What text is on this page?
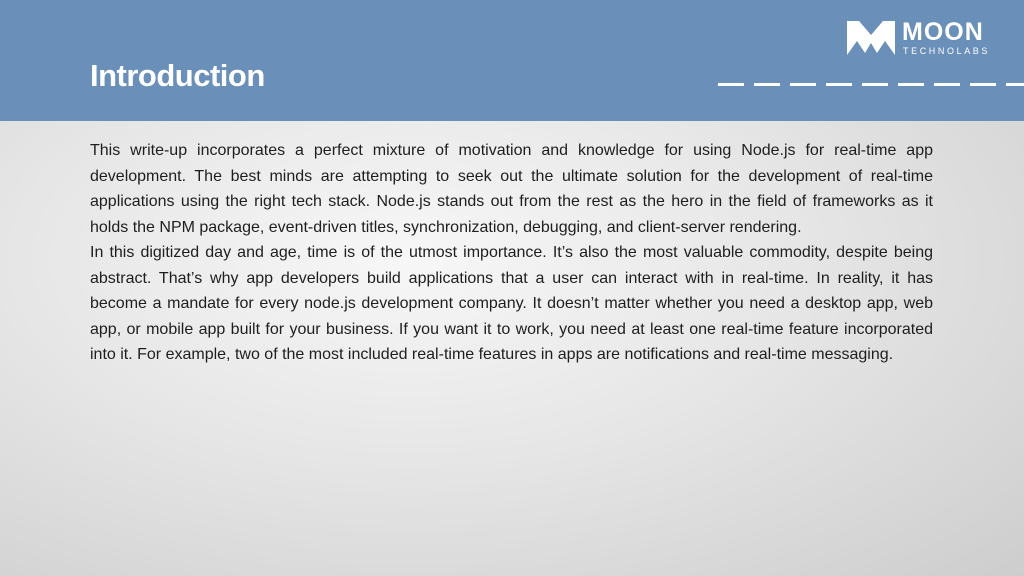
Introduction
MOON
TECHNOLABS

This write-up incorporates a perfect mixture of motivation and knowledge for using Node.js for real-time app development. The best minds are attempting to seek out the ultimate solution for the development of real-time applications using the right tech stack. Node.js stands out from the rest as the hero in the field of frameworks as it holds the NPM package, event-driven titles, synchronization, debugging, and client-server rendering.

In this digitized day and age, time is of the utmost importance. It’s also the most valuable commodity, despite being abstract. That’s why app developers build applications that a user can interact with in real-time. In reality, it has become a mandate for every node.js development company. It doesn’t matter whether you need a desktop app, web app, or mobile app built for your business. If you want it to work, you need at least one real-time feature incorporated into it. For example, two of the most included real-time features in apps are notifications and real-time messaging.
